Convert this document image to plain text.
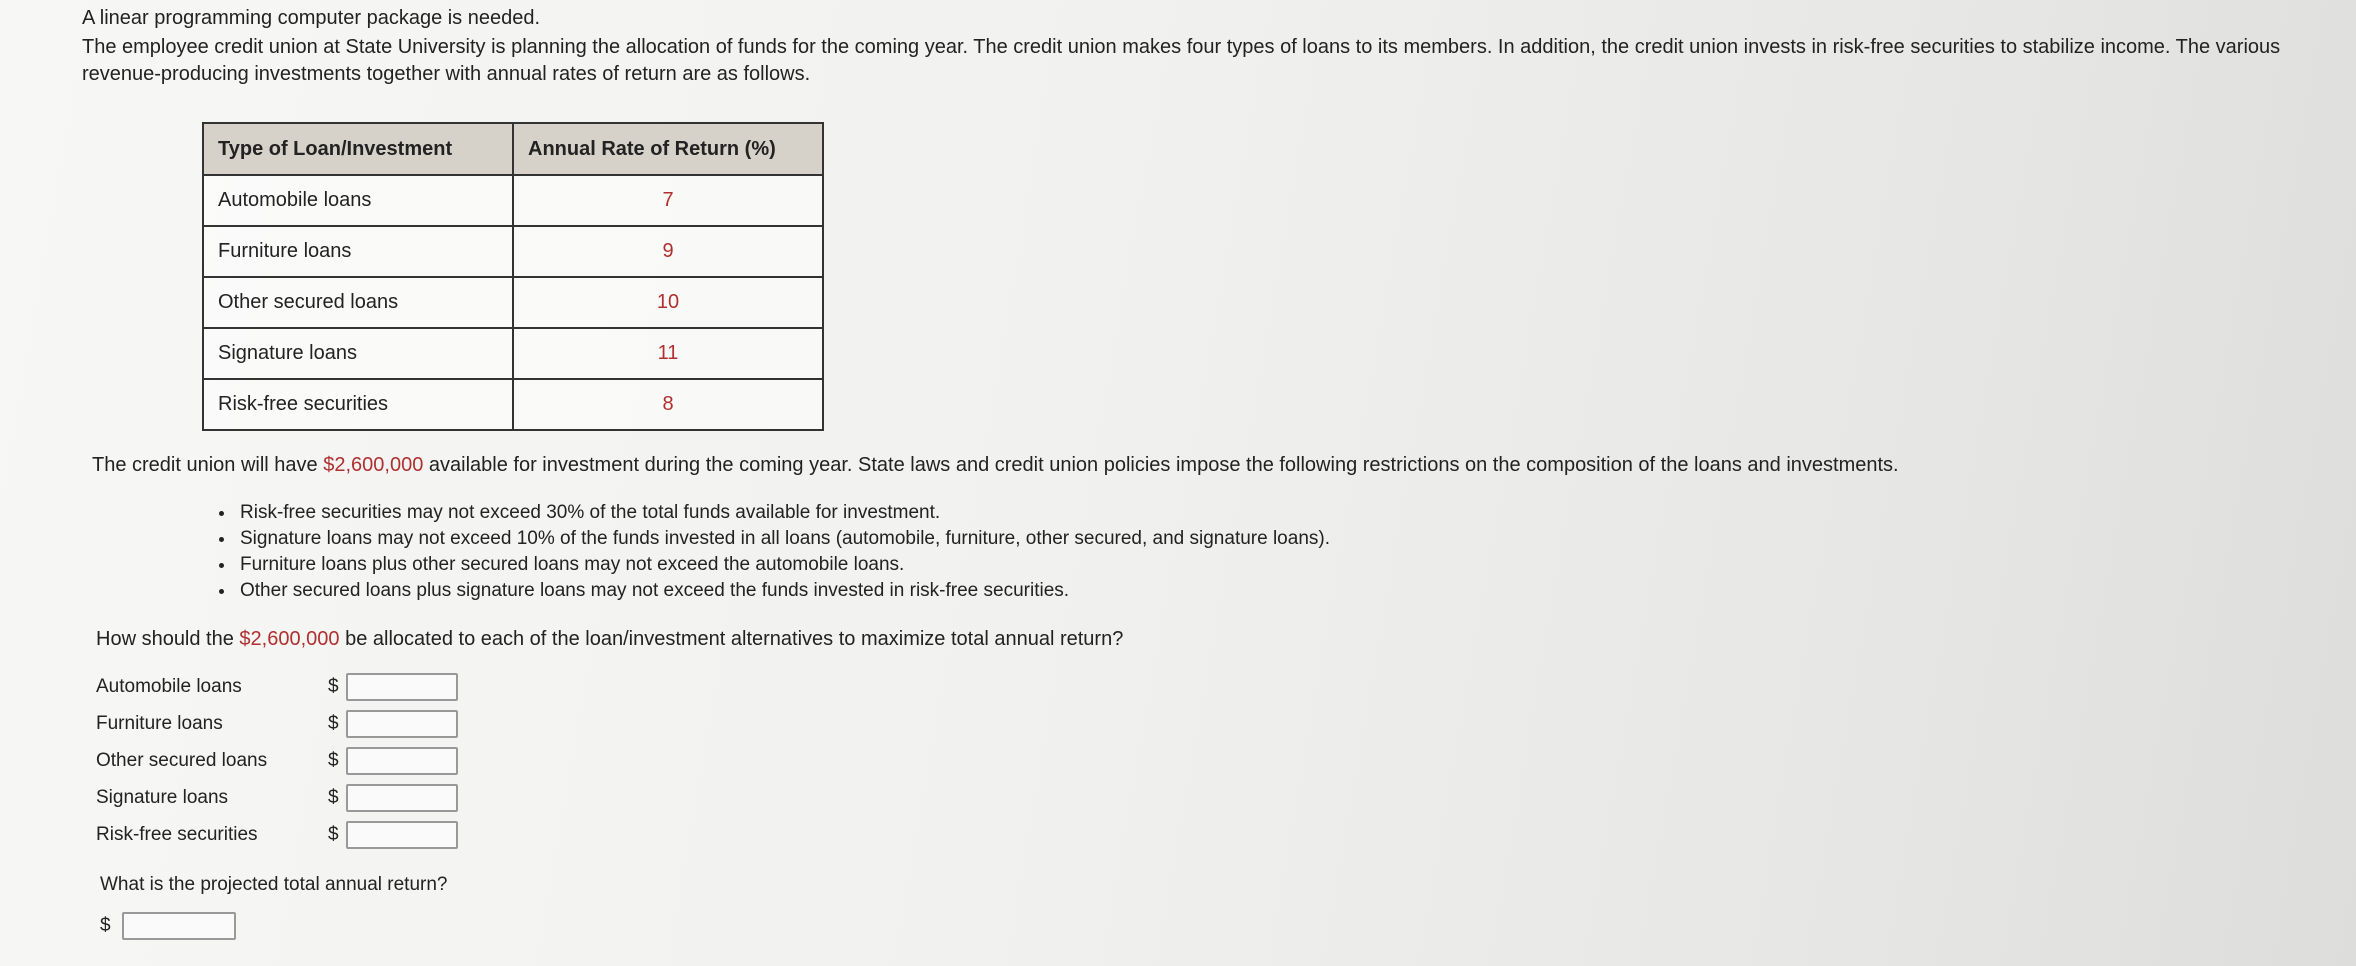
A linear programming computer package is needed.
The employee credit union at State University is planning the allocation of funds for the coming year. The credit union makes four types of loans to its members. In addition, the credit union invests in risk-free securities to stabilize income. The various revenue-producing investments together with annual rates of return are as follows.
Type of Loan/Investment	Annual Rate of Return (%)
Automobile loans	7
Furniture loans	9
Other secured loans	10
Signature loans	11
Risk-free securities	8
The credit union will have $2,600,000 available for investment during the coming year. State laws and credit union policies impose the following restrictions on the composition of the loans and investments.
• Risk-free securities may not exceed 30% of the total funds available for investment.
• Signature loans may not exceed 10% of the funds invested in all loans (automobile, furniture, other secured, and signature loans).
• Furniture loans plus other secured loans may not exceed the automobile loans.
• Other secured loans plus signature loans may not exceed the funds invested in risk-free securities.
How should the $2,600,000 be allocated to each of the loan/investment alternatives to maximize total annual return?
Automobile loans	$
Furniture loans	$
Other secured loans	$
Signature loans	$
Risk-free securities	$
What is the projected total annual return?
$
